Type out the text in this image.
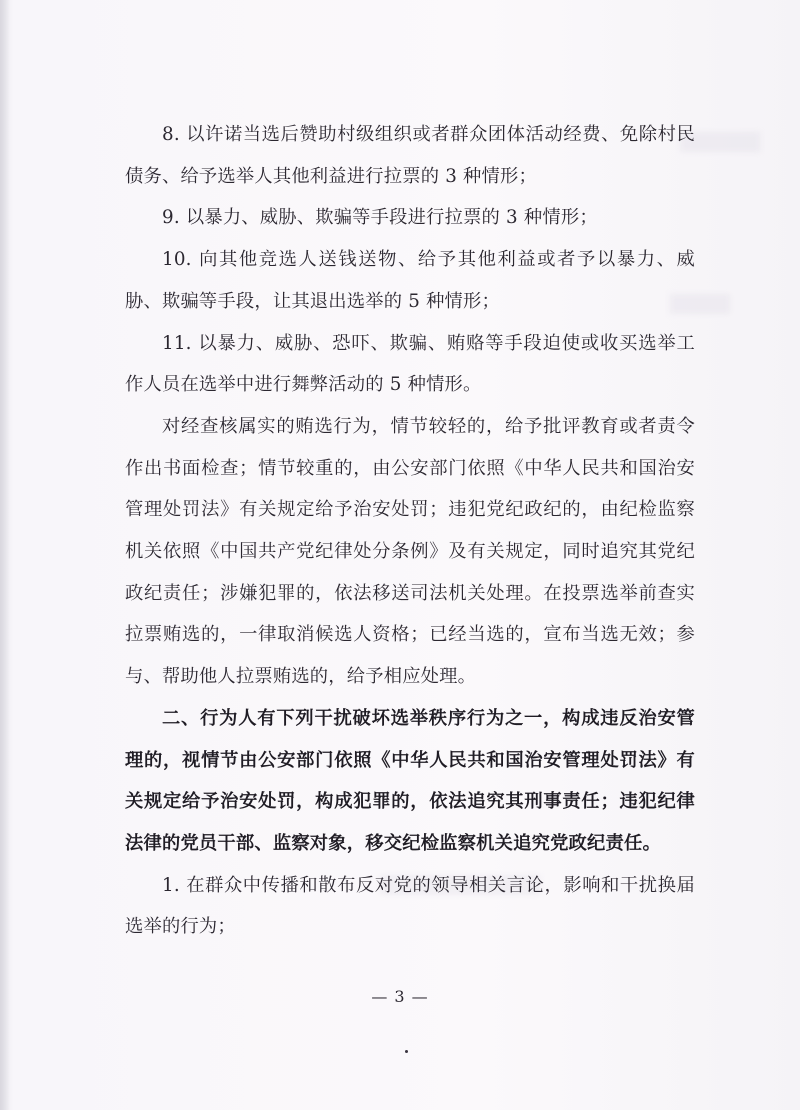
8. 以许诺当选后赞助村级组织或者群众团体活动经费、免除村民债务、给予选举人其他利益进行拉票的 3 种情形；

9. 以暴力、威胁、欺骗等手段进行拉票的 3 种情形；

10. 向其他竞选人送钱送物、给予其他利益或者予以暴力、威胁、欺骗等手段，让其退出选举的 5 种情形；

11. 以暴力、威胁、恐吓、欺骗、贿赂等手段迫使或收买选举工作人员在选举中进行舞弊活动的 5 种情形。

对经查核属实的贿选行为，情节较轻的，给予批评教育或者责令作出书面检查；情节较重的，由公安部门依照《中华人民共和国治安管理处罚法》有关规定给予治安处罚；违犯党纪政纪的，由纪检监察机关依照《中国共产党纪律处分条例》及有关规定，同时追究其党纪政纪责任；涉嫌犯罪的，依法移送司法机关处理。在投票选举前查实拉票贿选的，一律取消候选人资格；已经当选的，宣布当选无效；参与、帮助他人拉票贿选的，给予相应处理。

二、行为人有下列干扰破坏选举秩序行为之一，构成违反治安管理的，视情节由公安部门依照《中华人民共和国治安管理处罚法》有关规定给予治安处罚，构成犯罪的，依法追究其刑事责任；违犯纪律法律的党员干部、监察对象，移交纪检监察机关追究党政纪责任。

1. 在群众中传播和散布反对党的领导相关言论，影响和干扰换届选举的行为；

— 3 —
